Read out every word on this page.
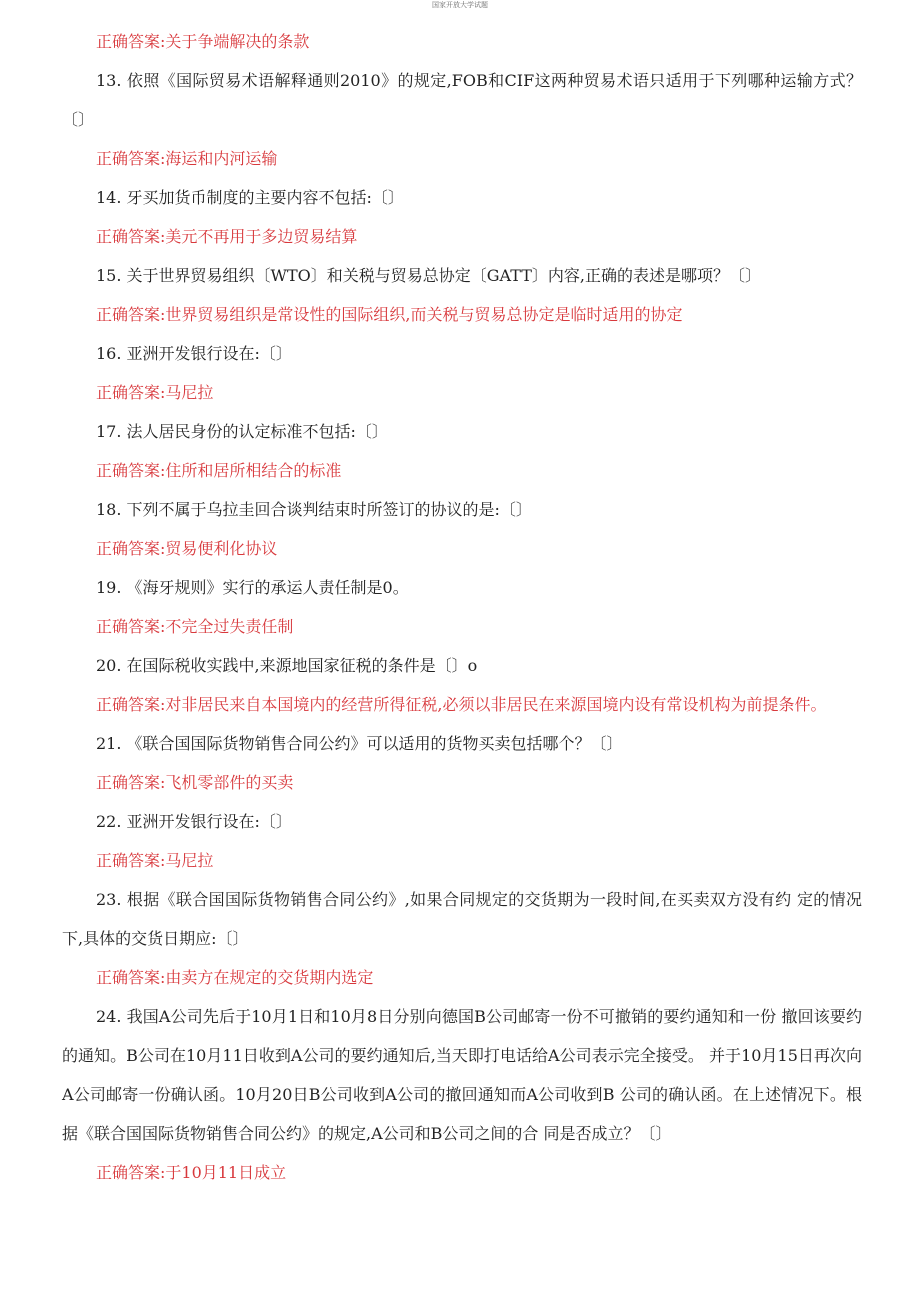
国家开放大学试题
正确答案:关于争端解决的条款
13. 依照《国际贸易术语解释通则2010》的规定,FOB和CIF这两种贸易术语只适用于下列哪种运输方式？〔〕
正确答案:海运和内河运输
14. 牙买加货币制度的主要内容不包括:〔〕
正确答案:美元不再用于多边贸易结算
15. 关于世界贸易组织〔WTO〕和关税与贸易总协定〔GATT〕内容,正确的表述是哪项？〔〕
正确答案:世界贸易组织是常设性的国际组织,而关税与贸易总协定是临时适用的协定
16. 亚洲开发银行设在:〔〕
正确答案:马尼拉
17. 法人居民身份的认定标准不包括:〔〕
正确答案:住所和居所相结合的标准
18. 下列不属于乌拉圭回合谈判结束时所签订的协议的是:〔〕
正确答案:贸易便利化协议
19. 《海牙规则》实行的承运人责任制是0。
正确答案:不完全过失责任制
20. 在国际税收实践中,来源地国家征税的条件是〔〕o
正确答案:对非居民来自本国境内的经营所得征税,必须以非居民在来源国境内设有常设机构为前提条件。
21. 《联合国国际货物销售合同公约》可以适用的货物买卖包括哪个？〔〕
正确答案:飞机零部件的买卖
22. 亚洲开发银行设在:〔〕
正确答案:马尼拉
23. 根据《联合国国际货物销售合同公约》,如果合同规定的交货期为一段时间,在买卖双方没有约 定的情况下,具体的交货日期应:〔〕
正确答案:由卖方在规定的交货期内选定
24. 我国A公司先后于10月1日和10月8日分别向德国B公司邮寄一份不可撤销的要约通知和一份 撤回该要约的通知。B公司在10月11日收到A公司的要约通知后,当天即打电话给A公司表示完全接受。 并于10月15日再次向A公司邮寄一份确认函。10月20日B公司收到A公司的撤回通知而A公司收到B 公司的确认函。在上述情况下。根据《联合国国际货物销售合同公约》的规定,A公司和B公司之间的合 同是否成立？〔〕
正确答案:于10月11日成立
